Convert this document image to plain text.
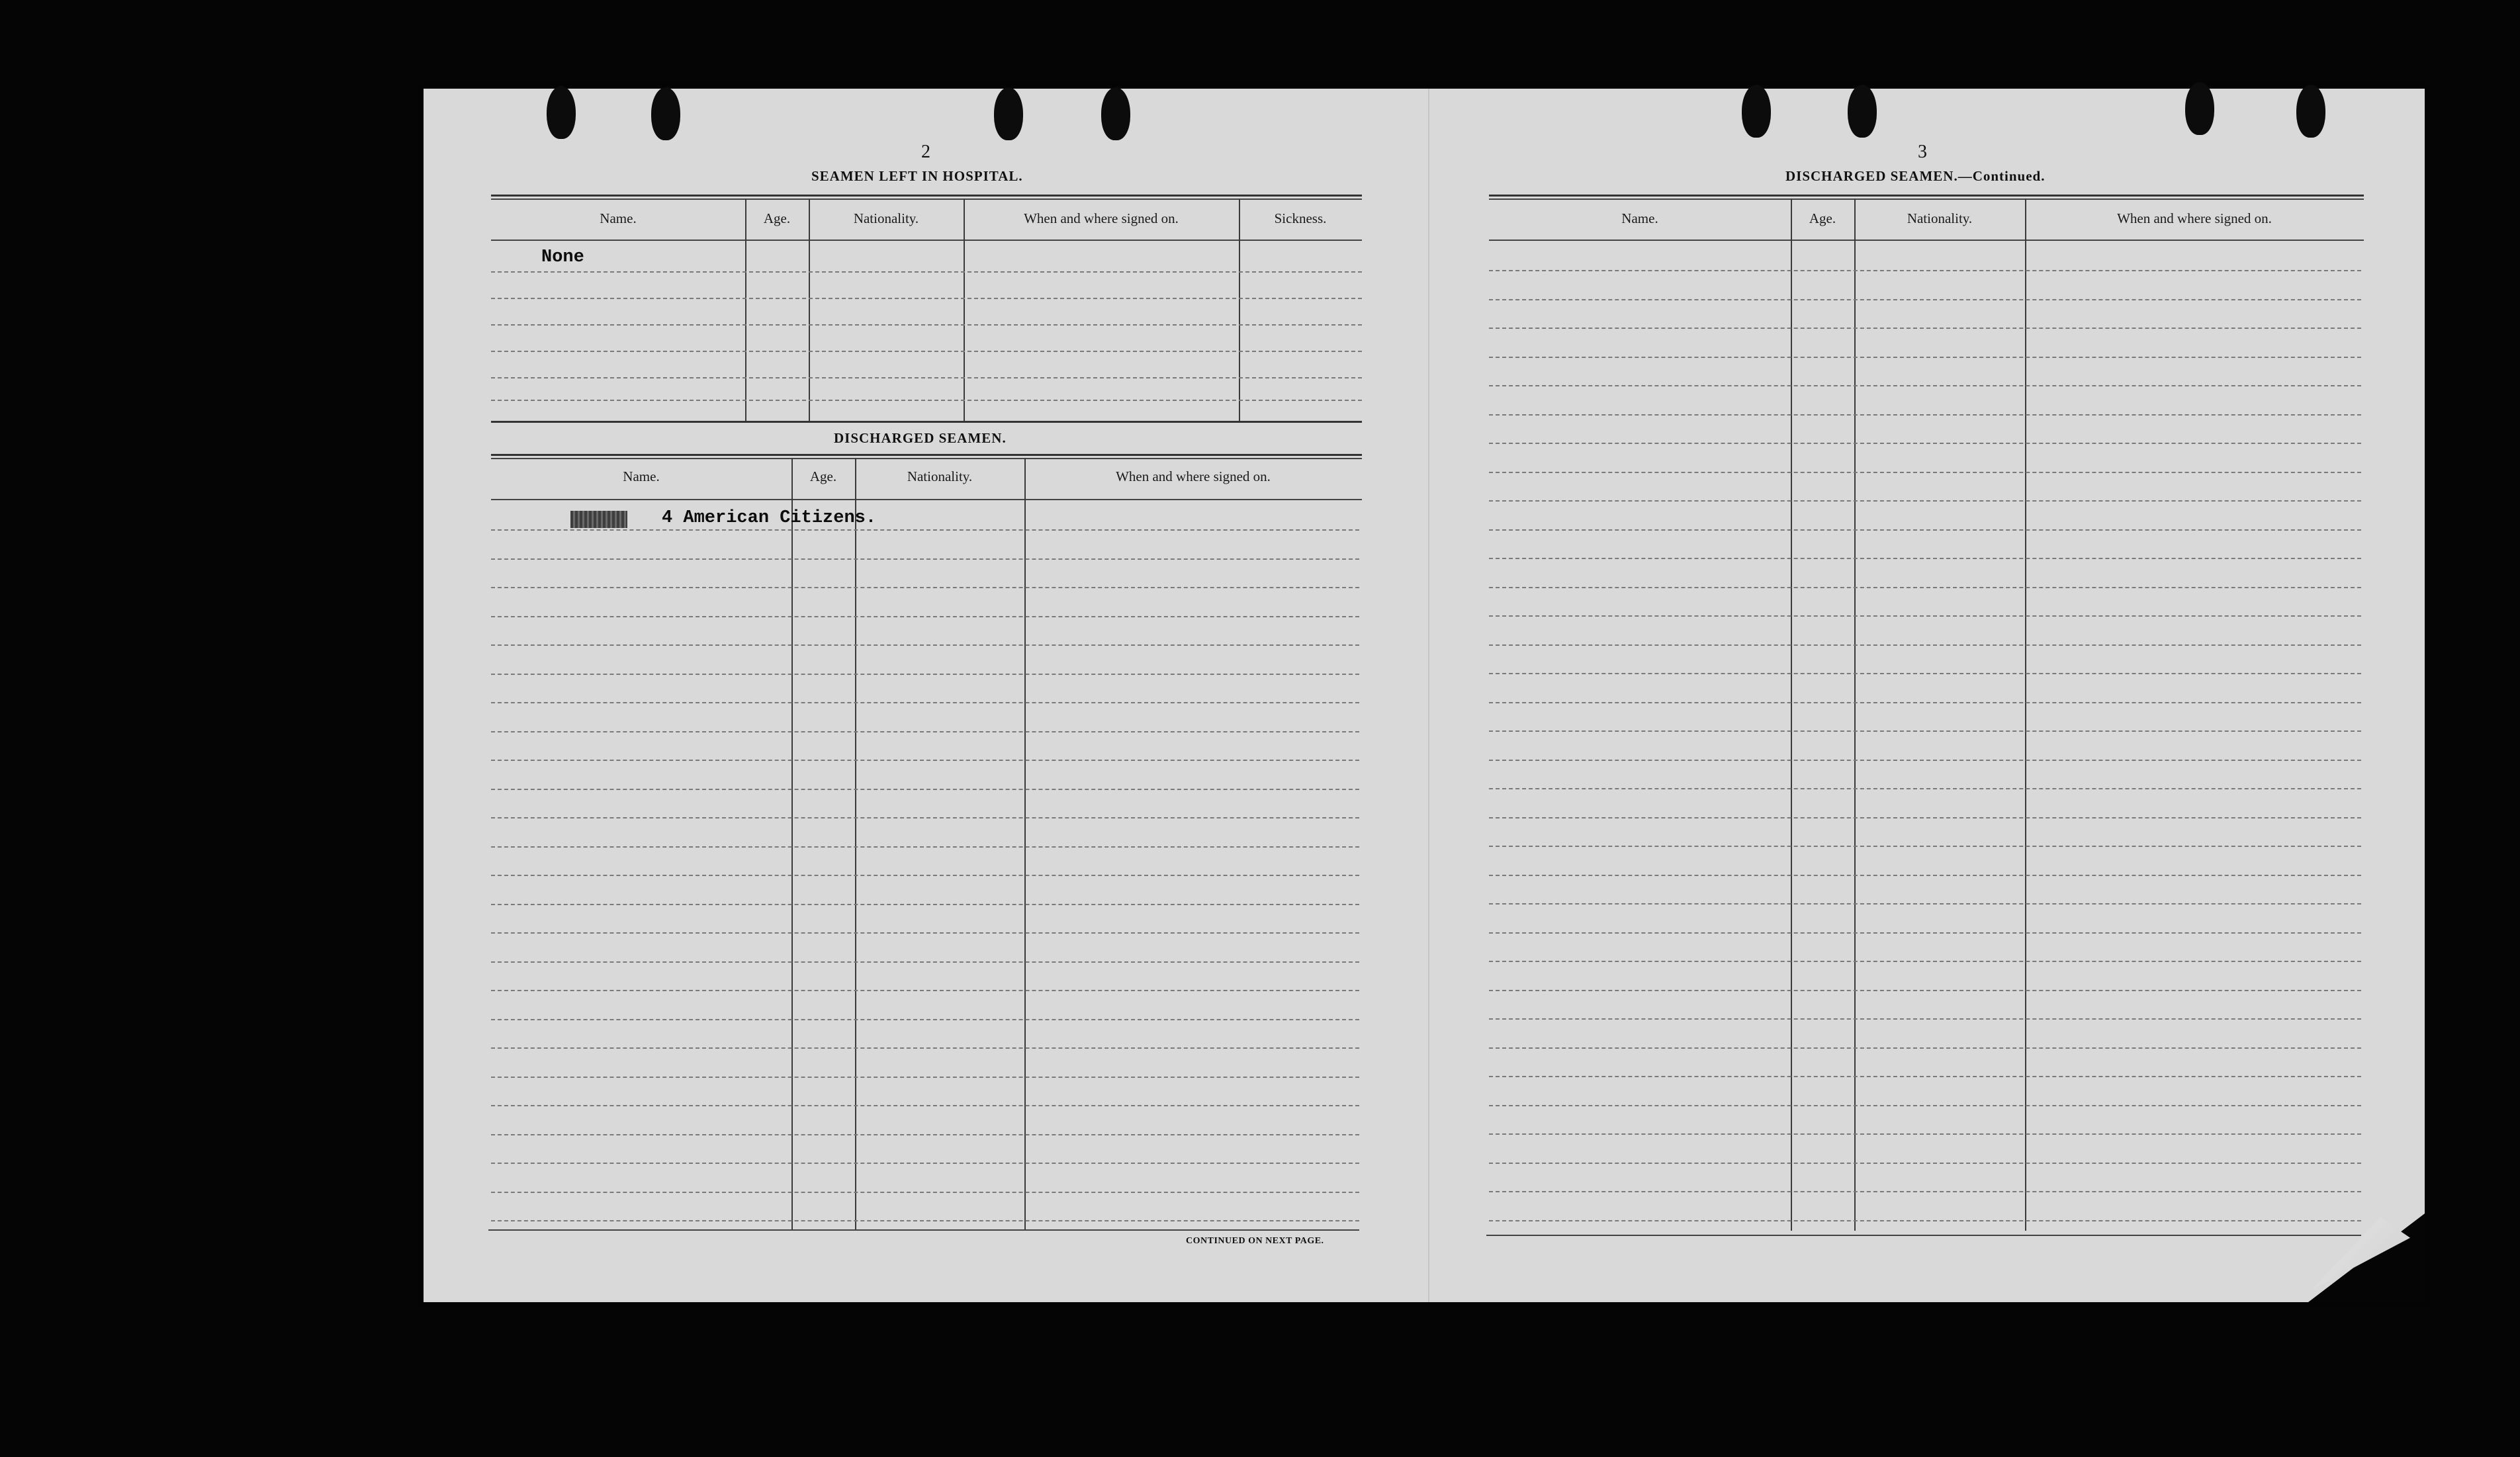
2
SEAMEN LEFT IN HOSPITAL.
Name.	Age.	Nationality.	When and where signed on.	Sickness.
None
DISCHARGED SEAMEN.
Name.	Age.	Nationality.	When and where signed on.
4 American Citizens.
CONTINUED ON NEXT PAGE.
3
DISCHARGED SEAMEN.—Continued.
Name.	Age.	Nationality.	When and where signed on.
